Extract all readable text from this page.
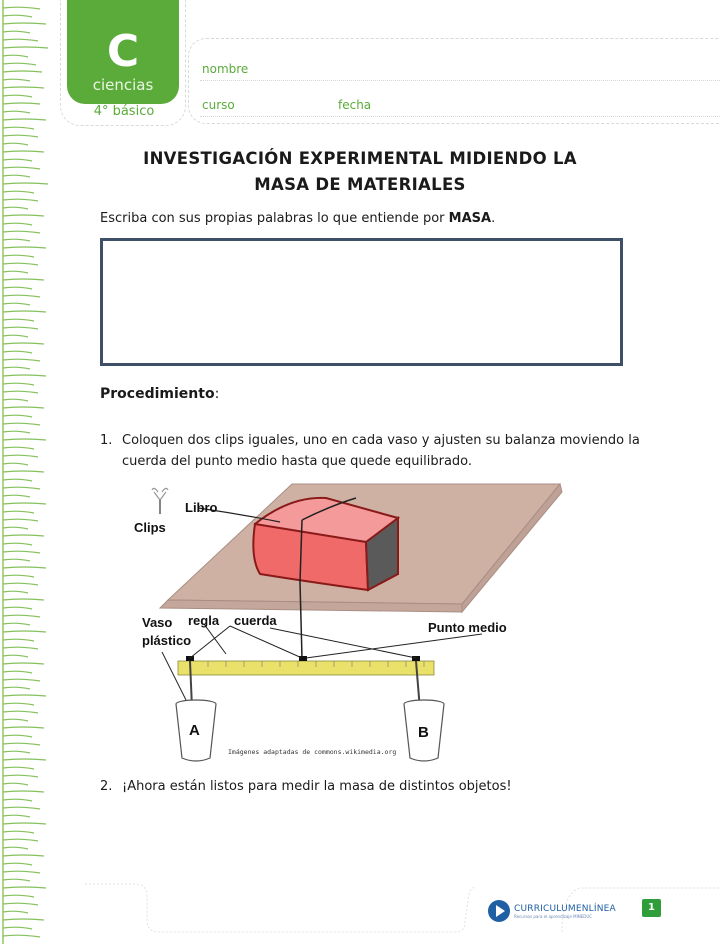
C
ciencias
4° básico
nombre
curso	fecha
INVESTIGACIÓN EXPERIMENTAL MIDIENDO LA
MASA DE MATERIALES
Escriba con sus propias palabras lo que entiende por MASA.
Procedimiento:
1. Coloquen dos clips iguales, uno en cada vaso y ajusten su balanza moviendo la
cuerda del punto medio hasta que quede equilibrado.
Clips
Libro
Vaso
plástico
regla cuerda	Punto medio
A	B
Imágenes adaptadas de commons.wikimedia.org
2. ¡Ahora están listos para medir la masa de distintos objetos!
CURRICULUMENLÍNEA
Recursos para el aprendizaje MINEDUC
1
